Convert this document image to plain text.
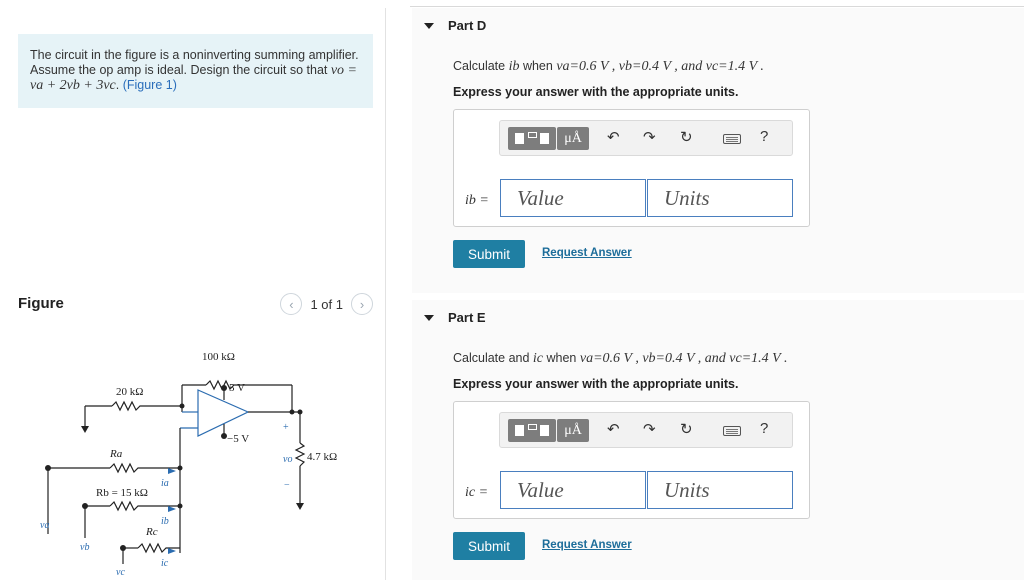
The circuit in the figure is a noninverting summing amplifier. Assume the op amp is ideal. Design the circuit so that vo = va + 2vb + 3vc. (Figure 1)
Figure	‹	1 of 1	›
100 kΩ
20 kΩ	5 V
−5 V
Ra
Rb = 15 kΩ
Rc
4.7 kΩ
vo
+
−
va
vb
vc
ia
ib
ic
Part D
Calculate ib when va=0.6 V , vb=0.4 V , and vc=1.4 V .
Express your answer with the appropriate units.
μÅ	↶ ↷ ↻	?
ib =
Value
Units
Submit	Request Answer
Part E
Calculate and ic when va=0.6 V , vb=0.4 V , and vc=1.4 V .
Express your answer with the appropriate units.
μÅ	↶ ↷ ↻	?
ic =
Value
Units
Submit	Request Answer
